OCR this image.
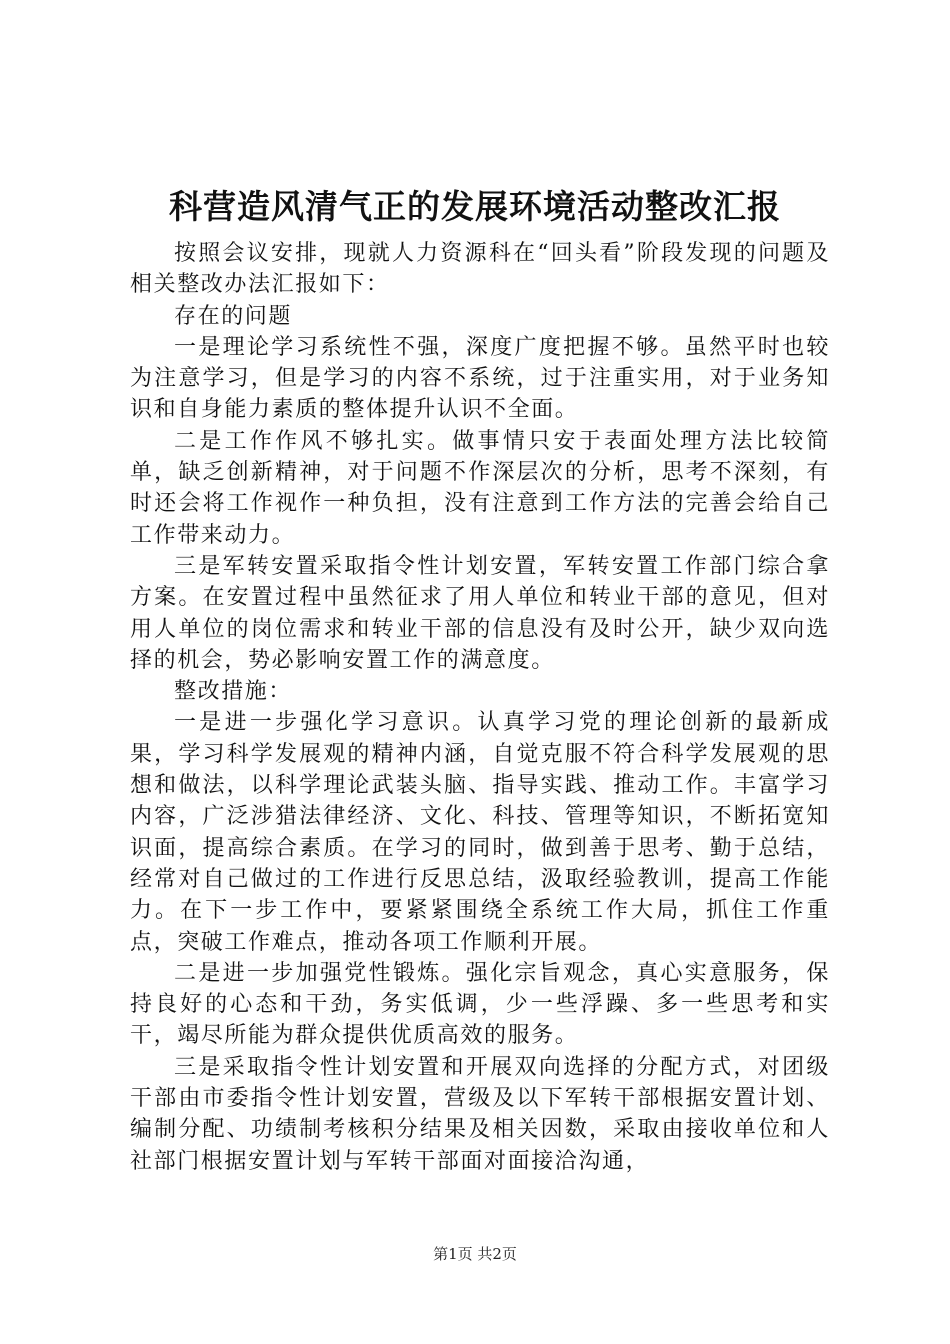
科营造风清气正的发展环境活动整改汇报

按照会议安排，现就人力资源科在“回头看”阶段发现的问题及相关整改办法汇报如下：

存在的问题

一是理论学习系统性不强，深度广度把握不够。虽然平时也较为注意学习，但是学习的内容不系统，过于注重实用，对于业务知识和自身能力素质的整体提升认识不全面。

二是工作作风不够扎实。做事情只安于表面处理方法比较简单，缺乏创新精神，对于问题不作深层次的分析，思考不深刻，有时还会将工作视作一种负担，没有注意到工作方法的完善会给自己工作带来动力。

三是军转安置采取指令性计划安置，军转安置工作部门综合拿方案。在安置过程中虽然征求了用人单位和转业干部的意见，但对用人单位的岗位需求和转业干部的信息没有及时公开，缺少双向选择的机会，势必影响安置工作的满意度。

整改措施：

一是进一步强化学习意识。认真学习党的理论创新的最新成果，学习科学发展观的精神内涵，自觉克服不符合科学发展观的思想和做法，以科学理论武装头脑、指导实践、推动工作。丰富学习内容，广泛涉猎法律经济、文化、科技、管理等知识，不断拓宽知识面，提高综合素质。在学习的同时，做到善于思考、勤于总结，经常对自己做过的工作进行反思总结，汲取经验教训，提高工作能力。在下一步工作中，要紧紧围绕全系统工作大局，抓住工作重点，突破工作难点，推动各项工作顺利开展。

二是进一步加强党性锻炼。强化宗旨观念，真心实意服务，保持良好的心态和干劲，务实低调，少一些浮躁、多一些思考和实干，竭尽所能为群众提供优质高效的服务。

三是采取指令性计划安置和开展双向选择的分配方式，对团级干部由市委指令性计划安置，营级及以下军转干部根据安置计划、编制分配、功绩制考核积分结果及相关因数，采取由接收单位和人社部门根据安置计划与军转干部面对面接洽沟通，

第1页 共2页
